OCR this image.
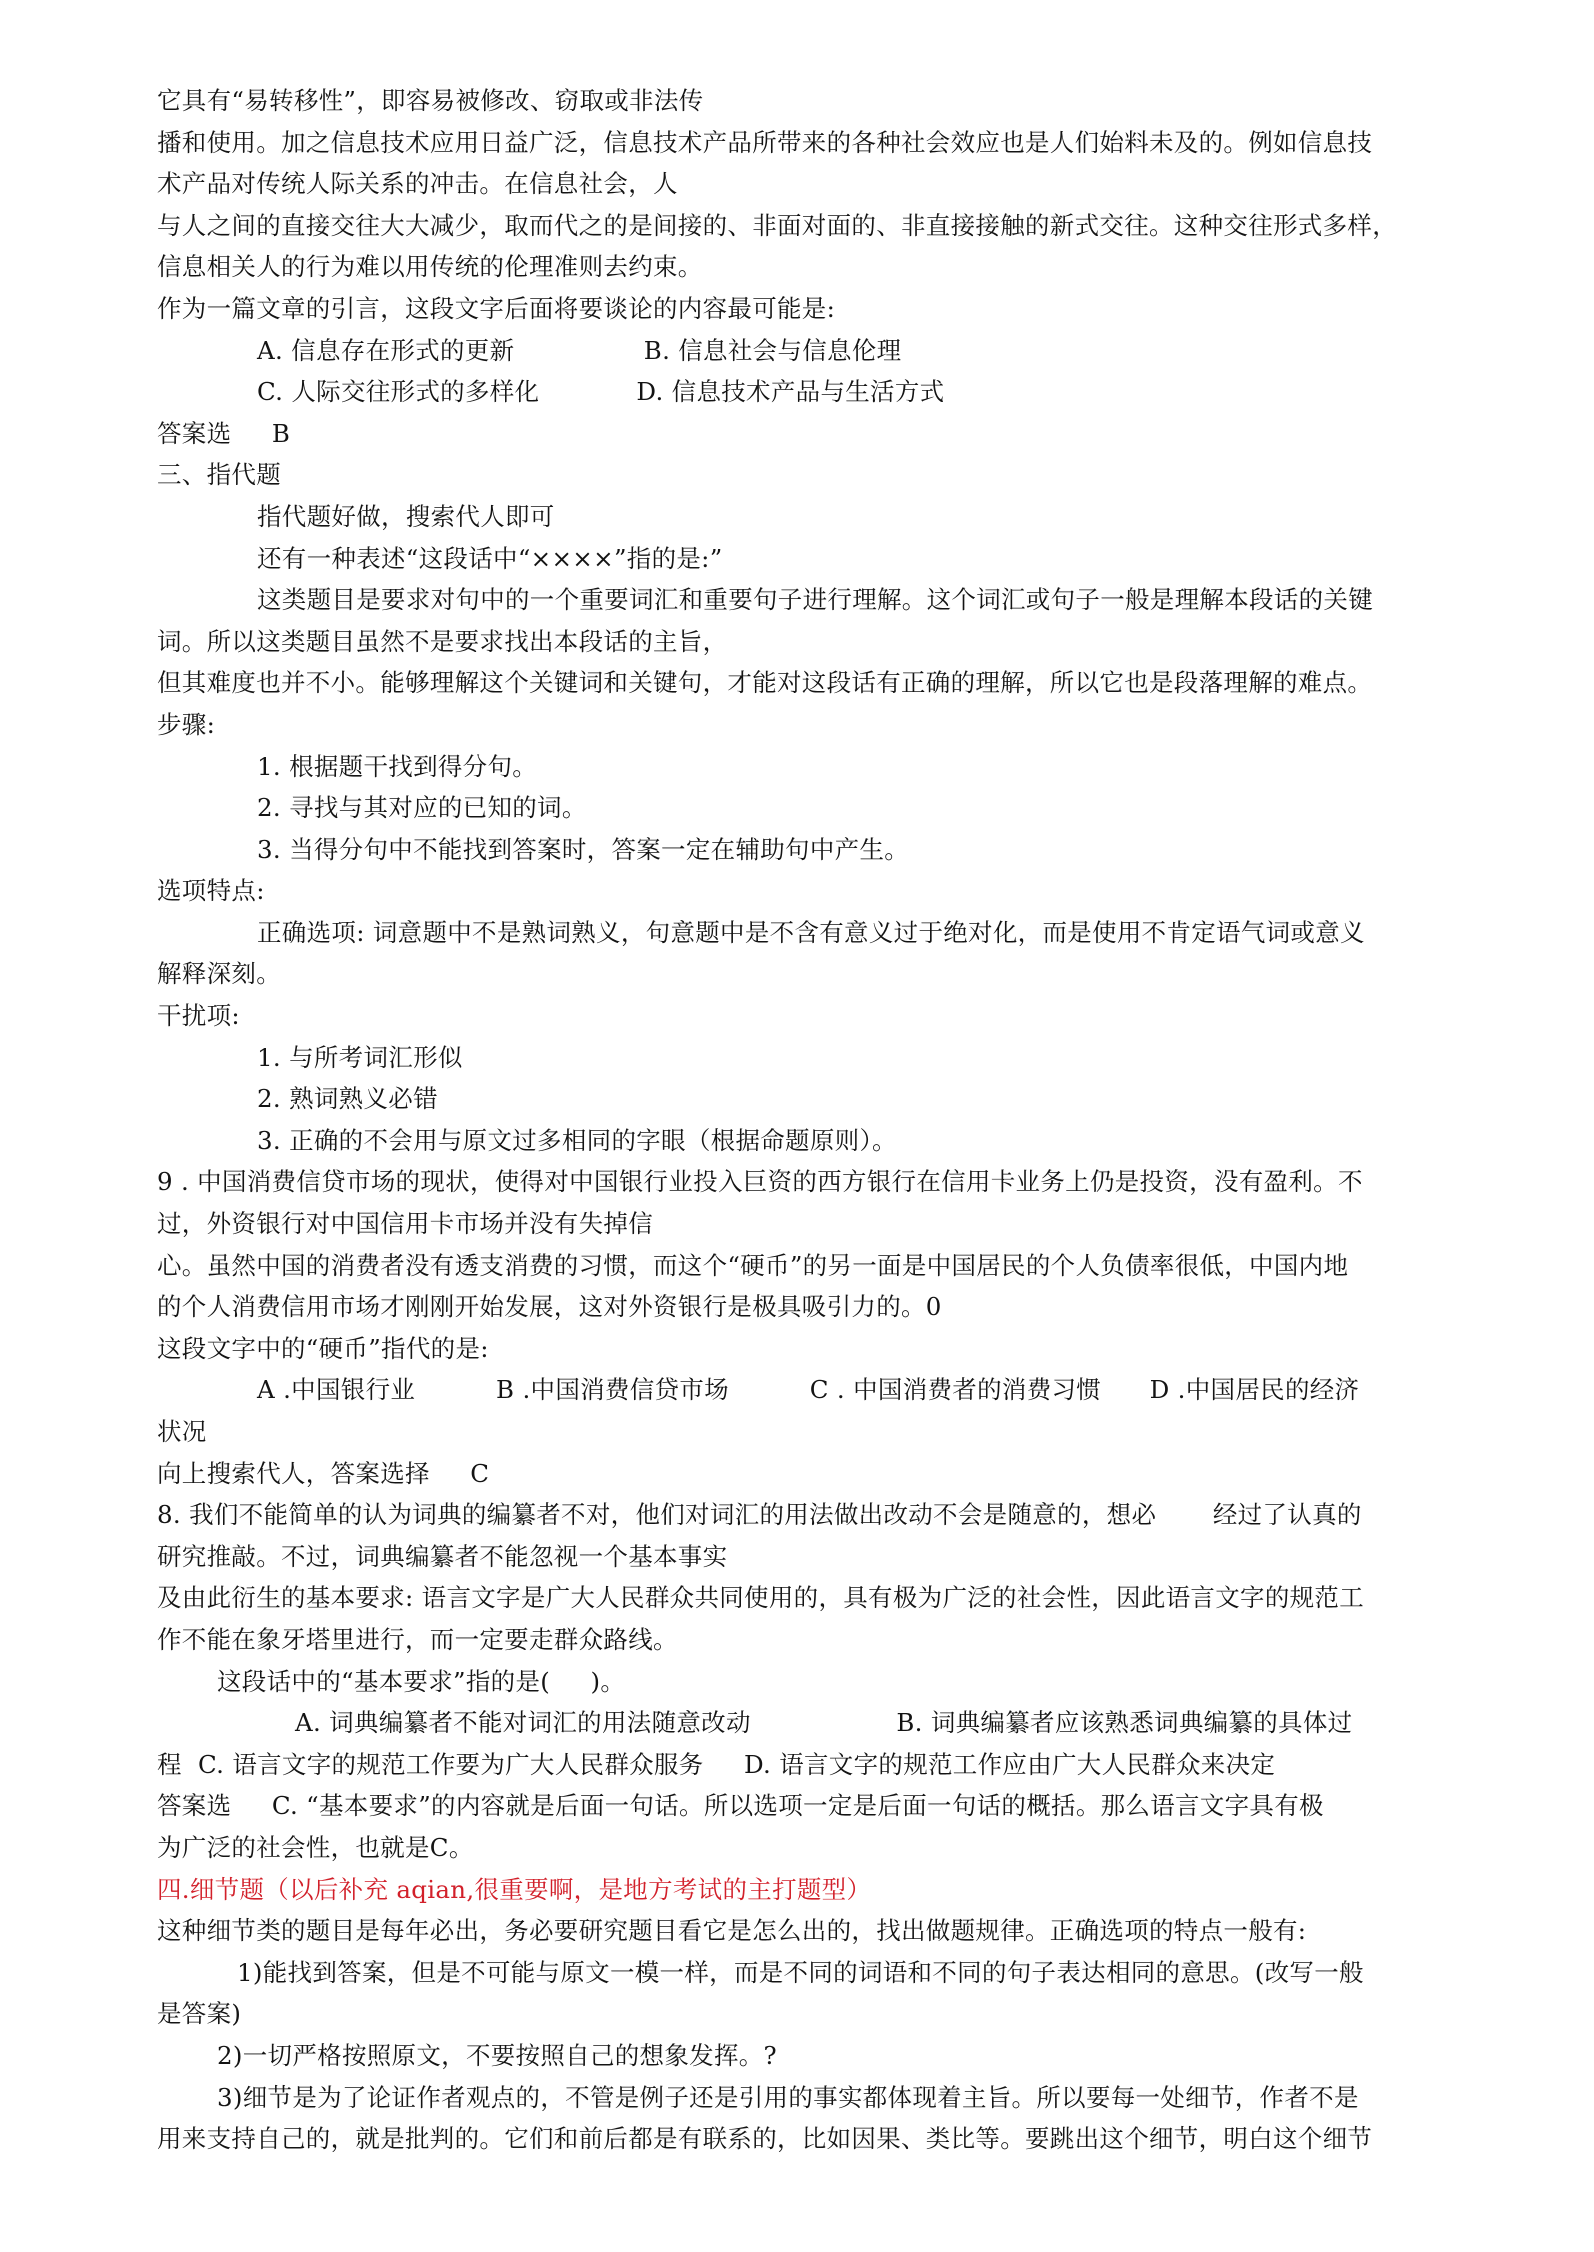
它具有“易转移性”，即容易被修改、窃取或非法传
播和使用。加之信息技术应用日益广泛，信息技术产品所带来的各种社会效应也是人们始料未及的。例如信息技
术产品对传统人际关系的冲击。在信息社会，人
与人之间的直接交往大大减少，取而代之的是间接的、非面对面的、非直接接触的新式交往。这种交往形式多样，
信息相关人的行为难以用传统的伦理准则去约束。
作为一篇文章的引言，这段文字后面将要谈论的内容最可能是:
A. 信息存在形式的更新                B. 信息社会与信息伦理
C. 人际交往形式的多样化            D. 信息技术产品与生活方式
答案选     B
三、指代题
指代题好做，搜索代人即可
还有一种表述“这段话中“××××”指的是:”
这类题目是要求对句中的一个重要词汇和重要句子进行理解。这个词汇或句子一般是理解本段话的关键
词。所以这类题目虽然不是要求找出本段话的主旨，
但其难度也并不小。能够理解这个关键词和关键句，才能对这段话有正确的理解，所以它也是段落理解的难点。
步骤:
1. 根据题干找到得分句。
2. 寻找与其对应的已知的词。
3. 当得分句中不能找到答案时，答案一定在辅助句中产生。
选项特点:
正确选项: 词意题中不是熟词熟义，句意题中是不含有意义过于绝对化，而是使用不肯定语气词或意义
解释深刻。
干扰项:
1. 与所考词汇形似
2. 熟词熟义必错
3. 正确的不会用与原文过多相同的字眼（根据命题原则）。
9 . 中国消费信贷市场的现状，使得对中国银行业投入巨资的西方银行在信用卡业务上仍是投资，没有盈利。不
过，外资银行对中国信用卡市场并没有失掉信
心。虽然中国的消费者没有透支消费的习惯，而这个“硬币”的另一面是中国居民的个人负债率很低，中国内地
的个人消费信用市场才刚刚开始发展，这对外资银行是极具吸引力的。0
这段文字中的“硬币”指代的是:
A .中国银行业          B .中国消费信贷市场          C . 中国消费者的消费习惯      D .中国居民的经济
状况
向上搜索代人，答案选择     C
8. 我们不能简单的认为词典的编纂者不对，他们对词汇的用法做出改动不会是随意的，想必       经过了认真的
研究推敲。不过，词典编纂者不能忽视一个基本事实
及由此衍生的基本要求: 语言文字是广大人民群众共同使用的，具有极为广泛的社会性，因此语言文字的规范工
作不能在象牙塔里进行，而一定要走群众路线。
这段话中的“基本要求”指的是(     )。
A. 词典编纂者不能对词汇的用法随意改动                  B. 词典编纂者应该熟悉词典编纂的具体过
程  C. 语言文字的规范工作要为广大人民群众服务     D. 语言文字的规范工作应由广大人民群众来决定
答案选     C. “基本要求”的内容就是后面一句话。所以选项一定是后面一句话的概括。那么语言文字具有极
为广泛的社会性，也就是C。
四.细节题（以后补充 aqian,很重要啊，是地方考试的主打题型）
这种细节类的题目是每年必出，务必要研究题目看它是怎么出的，找出做题规律。正确选项的特点一般有:
1)能找到答案，但是不可能与原文一模一样，而是不同的词语和不同的句子表达相同的意思。(改写一般
是答案)
2)一切严格按照原文，不要按照自己的想象发挥。?
3)细节是为了论证作者观点的，不管是例子还是引用的事实都体现着主旨。所以要每一处细节，作者不是
用来支持自己的，就是批判的。它们和前后都是有联系的，比如因果、类比等。要跳出这个细节，明白这个细节
